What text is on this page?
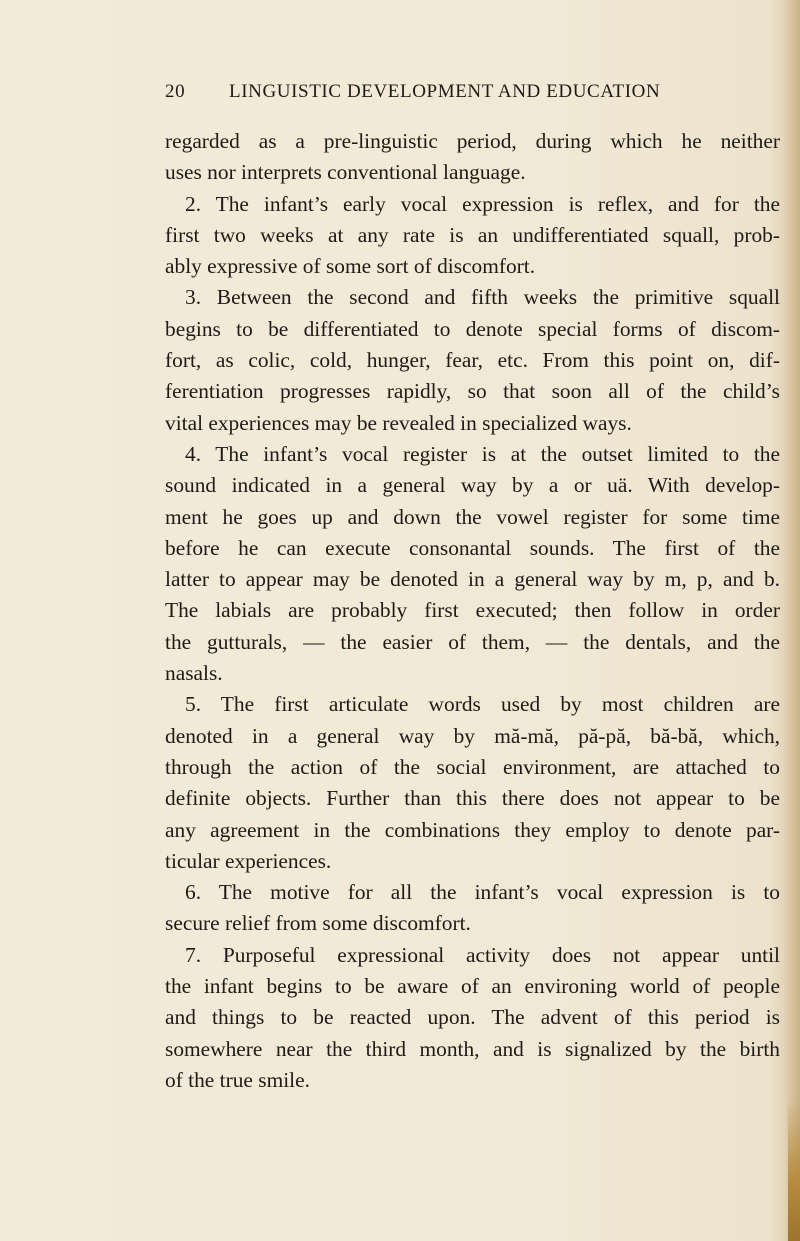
20 LINGUISTIC DEVELOPMENT AND EDUCATION
regarded as a pre-linguistic period, during which he neither
uses nor interprets conventional language.
2. The infant’s early vocal expression is reflex, and for the
first two weeks at any rate is an undifferentiated squall, prob-
ably expressive of some sort of discomfort.
3. Between the second and fifth weeks the primitive squall
begins to be differentiated to denote special forms of discom-
fort, as colic, cold, hunger, fear, etc. From this point on, dif-
ferentiation progresses rapidly, so that soon all of the child’s
vital experiences may be revealed in specialized ways.
4. The infant’s vocal register is at the outset limited to the
sound indicated in a general way by a or uä. With develop-
ment he goes up and down the vowel register for some time
before he can execute consonantal sounds. The first of the
latter to appear may be denoted in a general way by m, p, and b.
The labials are probably first executed; then follow in order
the gutturals, — the easier of them, — the dentals, and the
nasals.
5. The first articulate words used by most children are
denoted in a general way by mă-mă, pă-pă, bă-bă, which,
through the action of the social environment, are attached to
definite objects. Further than this there does not appear to be
any agreement in the combinations they employ to denote par-
ticular experiences.
6. The motive for all the infant’s vocal expression is to
secure relief from some discomfort.
7. Purposeful expressional activity does not appear until
the infant begins to be aware of an environing world of people
and things to be reacted upon. The advent of this period is
somewhere near the third month, and is signalized by the birth
of the true smile.
